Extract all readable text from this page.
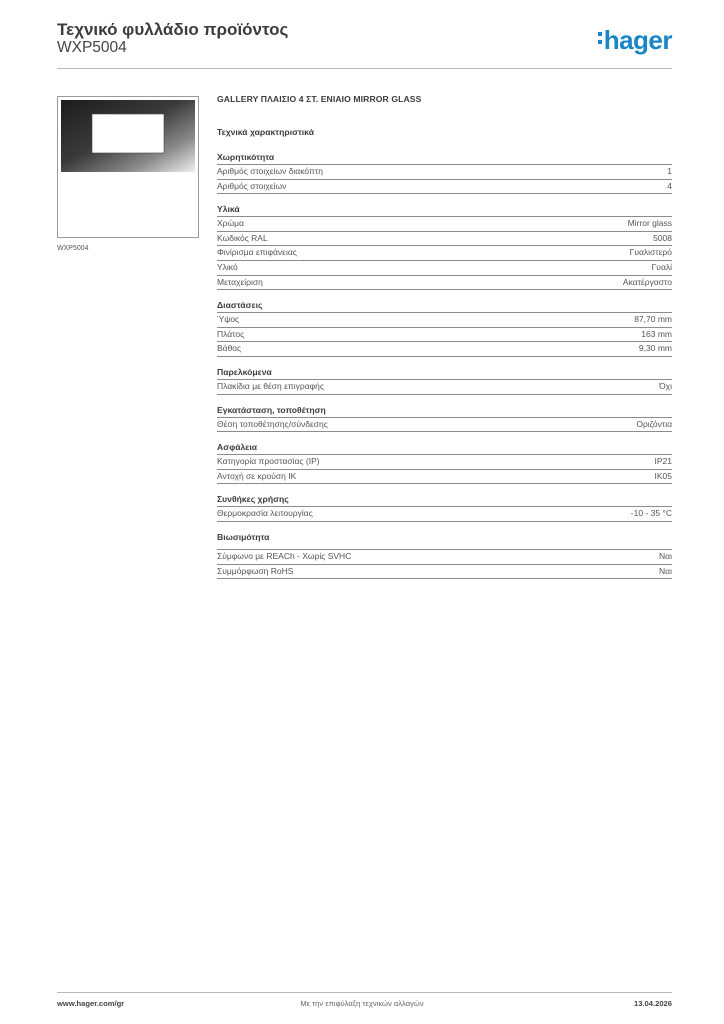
Τεχνικό φυλλάδιο προϊόντος
WXP5004	hager
WXP5004
GALLERY ΠΛΑΙΣΙΟ 4 ΣΤ. ΕΝΙΑΙΟ MIRROR GLASS
Τεχνικά χαρακτηριστικά
Χωρητικότητα
Αριθμός στοιχείων διακόπτη	1
Αριθμός στοιχείων	4
Υλικά
Χρώμα	Mirror glass
Κωδικός RAL	5008
Φινίρισμα επιφάνειας	Γυαλιστερό
Υλικό	Γυαλί
Μεταχείριση	Ακατέργαστο
Διαστάσεις
Ύψος	87,70 mm
Πλάτος	163 mm
Βάθος	9,30 mm
Παρελκόμενα
Πλακίδια με θέση επιγραφής	Όχι
Εγκατάσταση, τοποθέτηση
Θέση τοποθέτησης/σύνδεσης	Οριζόντια
Ασφάλεια
Κατηγορία προστασίας (IP)	IP21
Αντοχή σε κρούση IK	IK05
Συνθήκες χρήσης
Θερμοκρασία λειτουργίας	-10 - 35 °C
Βιωσιμότητα
Σύμφωνο με REACh - Χωρίς SVHC	Ναι
Συμμόρφωση RoHS	Ναι
www.hager.com/gr	Με την επιφύλαξη τεχνικών αλλαγών	13.04.2026
